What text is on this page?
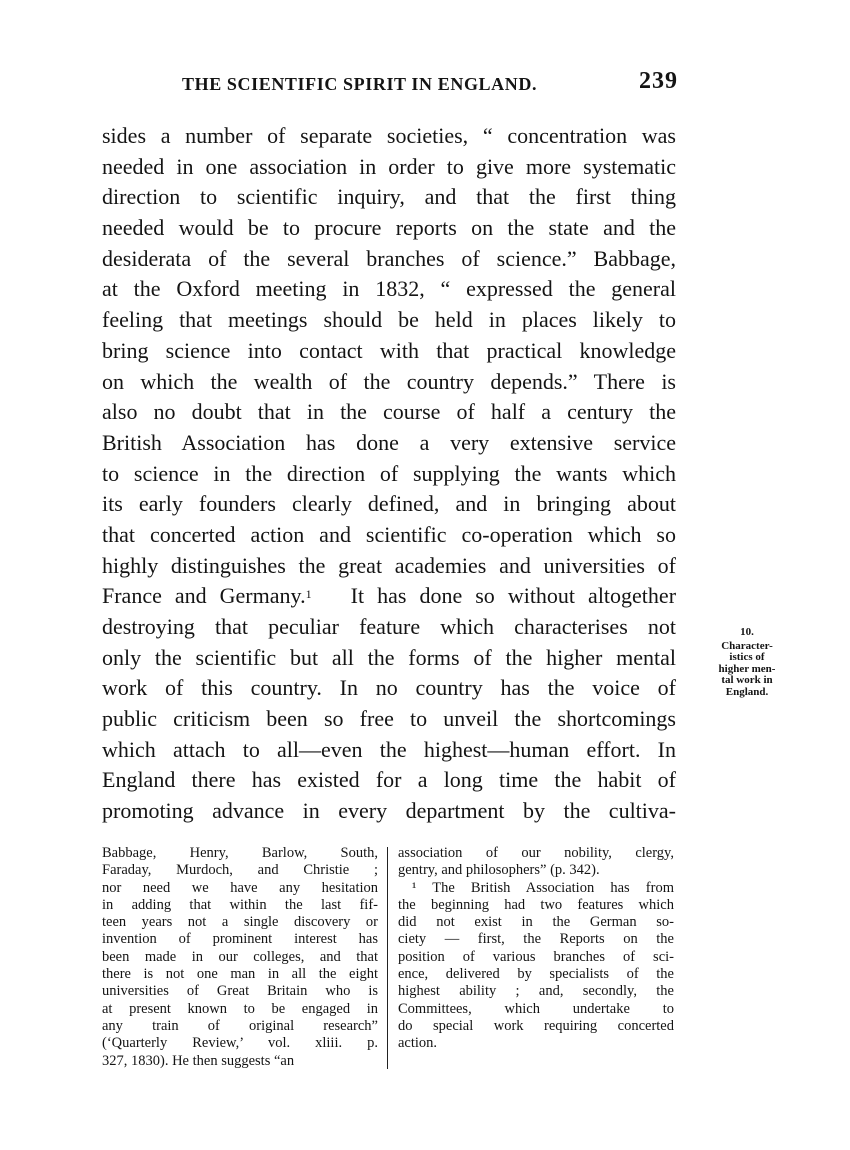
THE SCIENTIFIC SPIRIT IN ENGLAND.	239
sides a number of separate societies, “ concentration was
needed in one association in order to give more systematic
direction to scientific inquiry, and that the first thing
needed would be to procure reports on the state and the
desiderata of the several branches of science.” Babbage,
at the Oxford meeting in 1832, “ expressed the general
feeling that meetings should be held in places likely to
bring science into contact with that practical knowledge
on which the wealth of the country depends.” There is
also no doubt that in the course of half a century the
British Association has done a very extensive service
to science in the direction of supplying the wants which
its early founders clearly defined, and in bringing about
that concerted action and scientific co-operation which so
highly distinguishes the great academies and universities of
France and Germany.$^1$ It has done so without altogether
destroying that peculiar feature which characterises not
only the scientific but all the forms of the higher mental
work of this country. In no country has the voice of
public criticism been so free to unveil the shortcomings
which attach to all—even the highest—human effort. In
England there has existed for a long time the habit of
promoting advance in every department by the cultiva-
10.
Character-
istics of
higher men-
tal work in
England.
Babbage, Henry, Barlow, South,
Faraday, Murdoch, and Christie ;
nor need we have any hesitation
in adding that within the last fif-
teen years not a single discovery or
invention of prominent interest has
been made in our colleges, and that
there is not one man in all the eight
universities of Great Britain who is
at present known to be engaged in
any train of original research”
(‘Quarterly Review,’ vol. xliii. p.
327, 1830). He then suggests “an
association of our nobility, clergy,
gentry, and philosophers” (p. 342).
¹ The British Association has from
the beginning had two features which
did not exist in the German so-
ciety — first, the Reports on the
position of various branches of sci-
ence, delivered by specialists of the
highest ability ; and, secondly, the
Committees, which undertake to
do special work requiring concerted
action.
